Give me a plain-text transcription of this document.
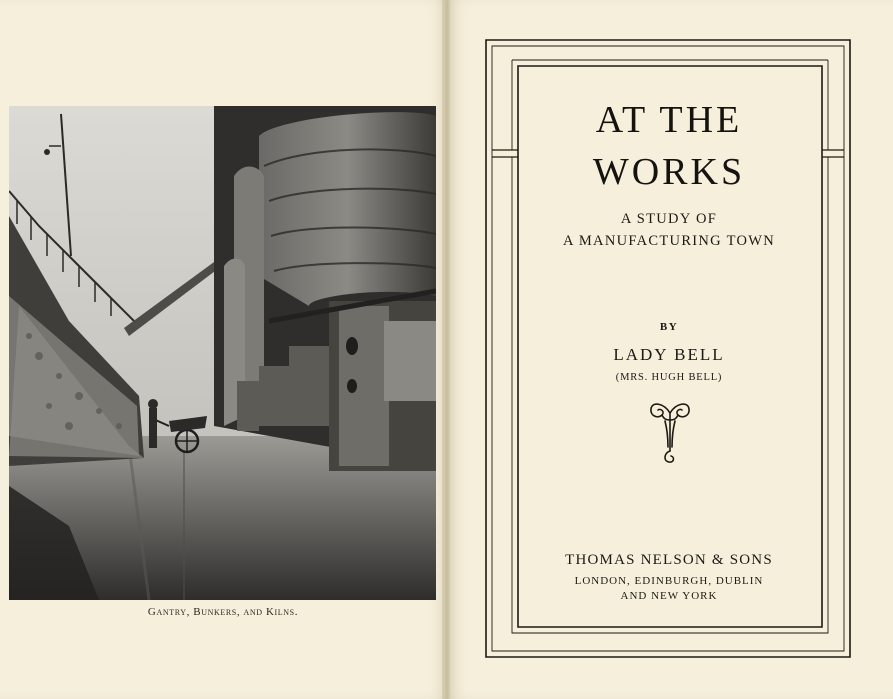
Gantry, Bunkers, and Kilns.
AT THE
WORKS
A STUDY OF
A MANUFACTURING TOWN
BY
LADY BELL
(MRS. HUGH BELL)
THOMAS NELSON & SONS
LONDON, EDINBURGH, DUBLIN
AND NEW YORK
